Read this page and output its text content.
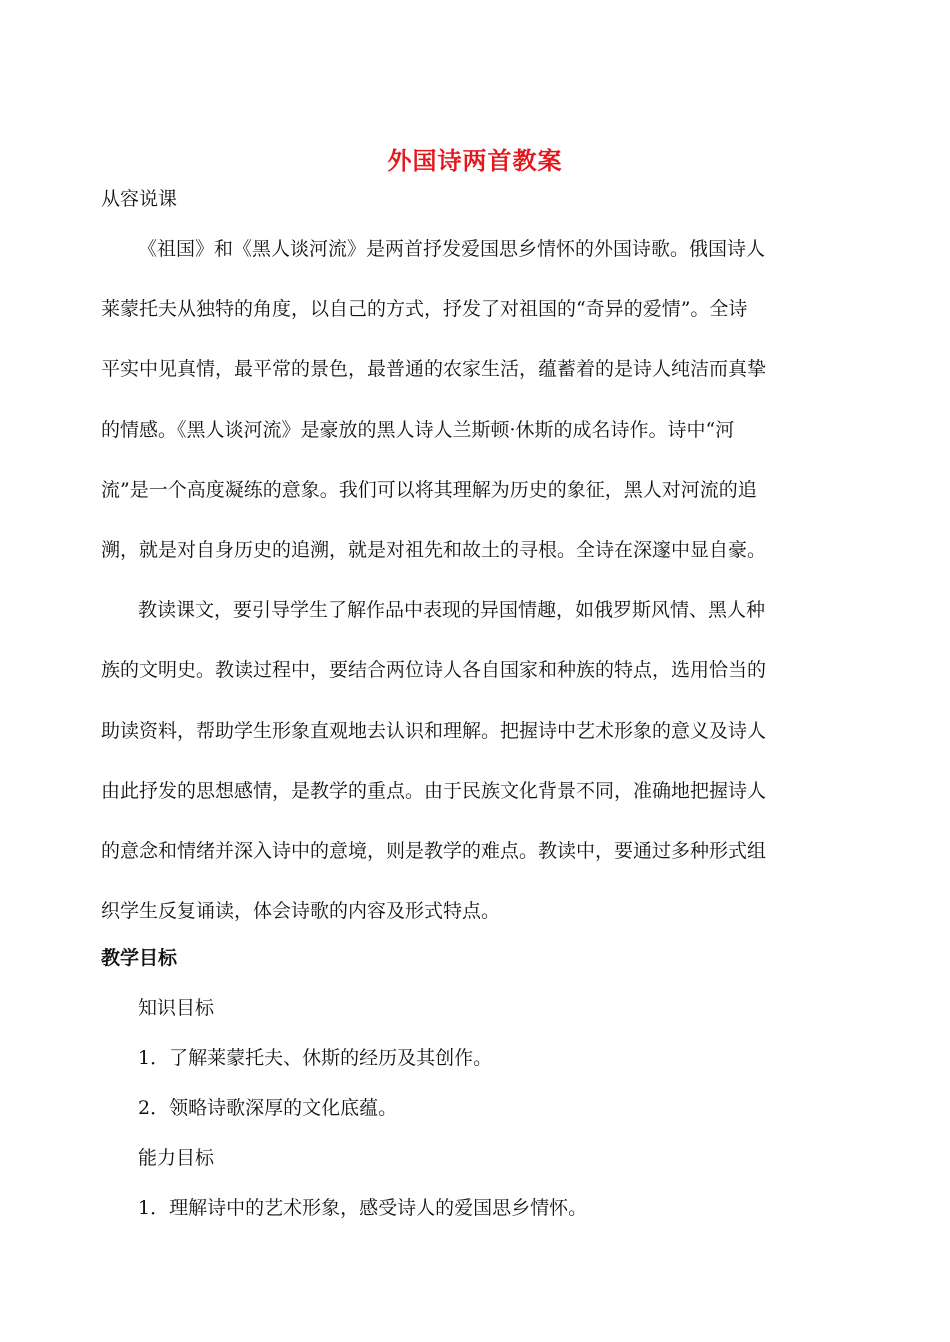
外国诗两首教案
从容说课
《祖国》和《黑人谈河流》是两首抒发爱国思乡情怀的外国诗歌。俄国诗人
莱蒙托夫从独特的角度，以自己的方式，抒发了对祖国的“奇异的爱情”。全诗
平实中见真情，最平常的景色，最普通的农家生活，蕴蓄着的是诗人纯洁而真挚
的情感。《黑人谈河流》是豪放的黑人诗人兰斯顿·休斯的成名诗作。诗中“河
流”是一个高度凝练的意象。我们可以将其理解为历史的象征，黑人对河流的追
溯，就是对自身历史的追溯，就是对祖先和故土的寻根。全诗在深邃中显自豪。
教读课文，要引导学生了解作品中表现的异国情趣，如俄罗斯风情、黑人种
族的文明史。教读过程中，要结合两位诗人各自国家和种族的特点，选用恰当的
助读资料，帮助学生形象直观地去认识和理解。把握诗中艺术形象的意义及诗人
由此抒发的思想感情，是教学的重点。由于民族文化背景不同，准确地把握诗人
的意念和情绪并深入诗中的意境，则是教学的难点。教读中，要通过多种形式组
织学生反复诵读，体会诗歌的内容及形式特点。
教学目标
知识目标
1．了解莱蒙托夫、休斯的经历及其创作。
2．领略诗歌深厚的文化底蕴。
能力目标
1．理解诗中的艺术形象，感受诗人的爱国思乡情怀。
